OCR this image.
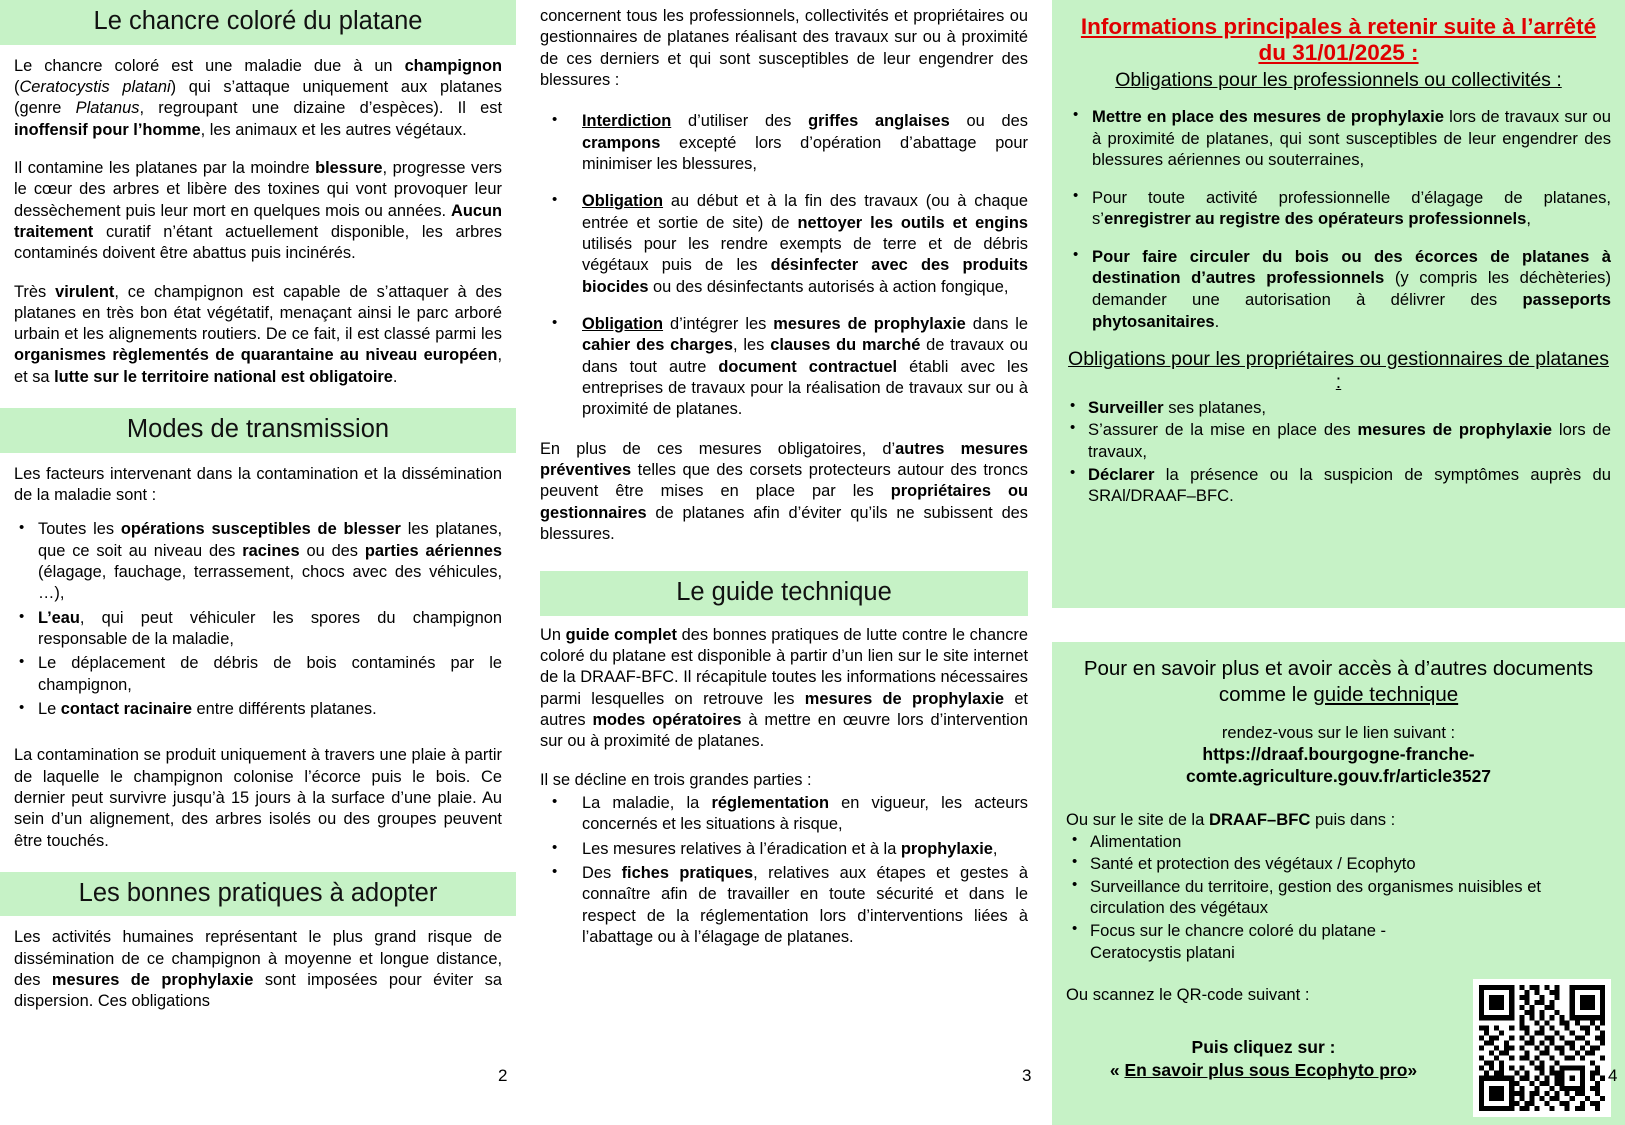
Le chancre coloré du platane

Le chancre coloré est une maladie due à un champignon (Ceratocystis platani) qui s’attaque uniquement aux platanes (genre Platanus, regroupant une dizaine d’espèces). Il est inoffensif pour l’homme, les animaux et les autres végétaux.

Il contamine les platanes par la moindre blessure, progresse vers le cœur des arbres et libère des toxines qui vont provoquer leur dessèchement puis leur mort en quelques mois ou années. Aucun traitement curatif n’étant actuellement disponible, les arbres contaminés doivent être abattus puis incinérés.

Très virulent, ce champignon est capable de s’attaquer à des platanes en très bon état végétatif, menaçant ainsi le parc arboré urbain et les alignements routiers. De ce fait, il est classé parmi les organismes règlementés de quarantaine au niveau européen, et sa lutte sur le territoire national est obligatoire.

Modes de transmission

Les facteurs intervenant dans la contamination et la dissémination de la maladie sont :

• Toutes les opérations susceptibles de blesser les platanes, que ce soit au niveau des racines ou des parties aériennes (élagage, fauchage, terrassement, chocs avec des véhicules, …),
• L’eau, qui peut véhiculer les spores du champignon responsable de la maladie,
• Le déplacement de débris de bois contaminés par le champignon,
• Le contact racinaire entre différents platanes.

La contamination se produit uniquement à travers une plaie à partir de laquelle le champignon colonise l’écorce puis le bois. Ce dernier peut survivre jusqu’à 15 jours à la surface d’une plaie. Au sein d’un alignement, des arbres isolés ou des groupes peuvent être touchés.

Les bonnes pratiques à adopter

Les activités humaines représentant le plus grand risque de dissémination de ce champignon à moyenne et longue distance, des mesures de prophylaxie sont imposées pour éviter sa dispersion. Ces obligations

concernent tous les professionnels, collectivités et propriétaires ou gestionnaires de platanes réalisant des travaux sur ou à proximité de ces derniers et qui sont susceptibles de leur engendrer des blessures :

• Interdiction d’utiliser des griffes anglaises ou des crampons excepté lors d’opération d’abattage pour minimiser les blessures,
• Obligation au début et à la fin des travaux (ou à chaque entrée et sortie de site) de nettoyer les outils et engins utilisés pour les rendre exempts de terre et de débris végétaux puis de les désinfecter avec des produits biocides ou des désinfectants autorisés à action fongique,
• Obligation d’intégrer les mesures de prophylaxie dans le cahier des charges, les clauses du marché de travaux ou dans tout autre document contractuel établi avec les entreprises de travaux pour la réalisation de travaux sur ou à proximité de platanes.

En plus de ces mesures obligatoires, d’autres mesures préventives telles que des corsets protecteurs autour des troncs peuvent être mises en place par les propriétaires ou gestionnaires de platanes afin d’éviter qu’ils ne subissent des blessures.

Le guide technique

Un guide complet des bonnes pratiques de lutte contre le chancre coloré du platane est disponible à partir d’un lien sur le site internet de la DRAAF-BFC. Il récapitule toutes les informations nécessaires parmi lesquelles on retrouve les mesures de prophylaxie et autres modes opératoires à mettre en œuvre lors d’intervention sur ou à proximité de platanes.

Il se décline en trois grandes parties :

• La maladie, la réglementation en vigueur, les acteurs concernés et les situations à risque,
• Les mesures relatives à l’éradication et à la prophylaxie,
• Des fiches pratiques, relatives aux étapes et gestes à connaître afin de travailler en toute sécurité et dans le respect de la réglementation lors d’interventions liées à l’abattage ou à l’élagage de platanes.
Informations principales à retenir suite à l’arrêté du 31/01/2025 :
Obligations pour les professionnels ou collectivités :
• Mettre en place des mesures de prophylaxie lors de travaux sur ou à proximité de platanes, qui sont susceptibles de leur engendrer des blessures aériennes ou souterraines,
• Pour toute activité professionnelle d’élagage de platanes, s’enregistrer au registre des opérateurs professionnels,
• Pour faire circuler du bois ou des écorces de platanes à destination d’autres professionnels (y compris les déchèteries) demander une autorisation à délivrer des passeports phytosanitaires.
Obligations pour les propriétaires ou gestionnaires de platanes :
• Surveiller ses platanes,
• S’assurer de la mise en place des mesures de prophylaxie lors de travaux,
• Déclarer la présence ou la suspicion de symptômes auprès du SRAl/DRAAF–BFC.
Pour en savoir plus et avoir accès à d’autres documents comme le guide technique
rendez-vous sur le lien suivant :
https://draaf.bourgogne-franche-comte.agriculture.gouv.fr/article3527
Ou sur le site de la DRAAF–BFC puis dans :
• Alimentation
• Santé et protection des végétaux / Ecophyto
• Surveillance du territoire, gestion des organismes nuisibles et circulation des végétaux
• Focus sur le chancre coloré du platane - Ceratocystis platani
Ou scannez le QR-code suivant :
Puis cliquez sur :
« En savoir plus sous Ecophyto pro»
2	3	4
